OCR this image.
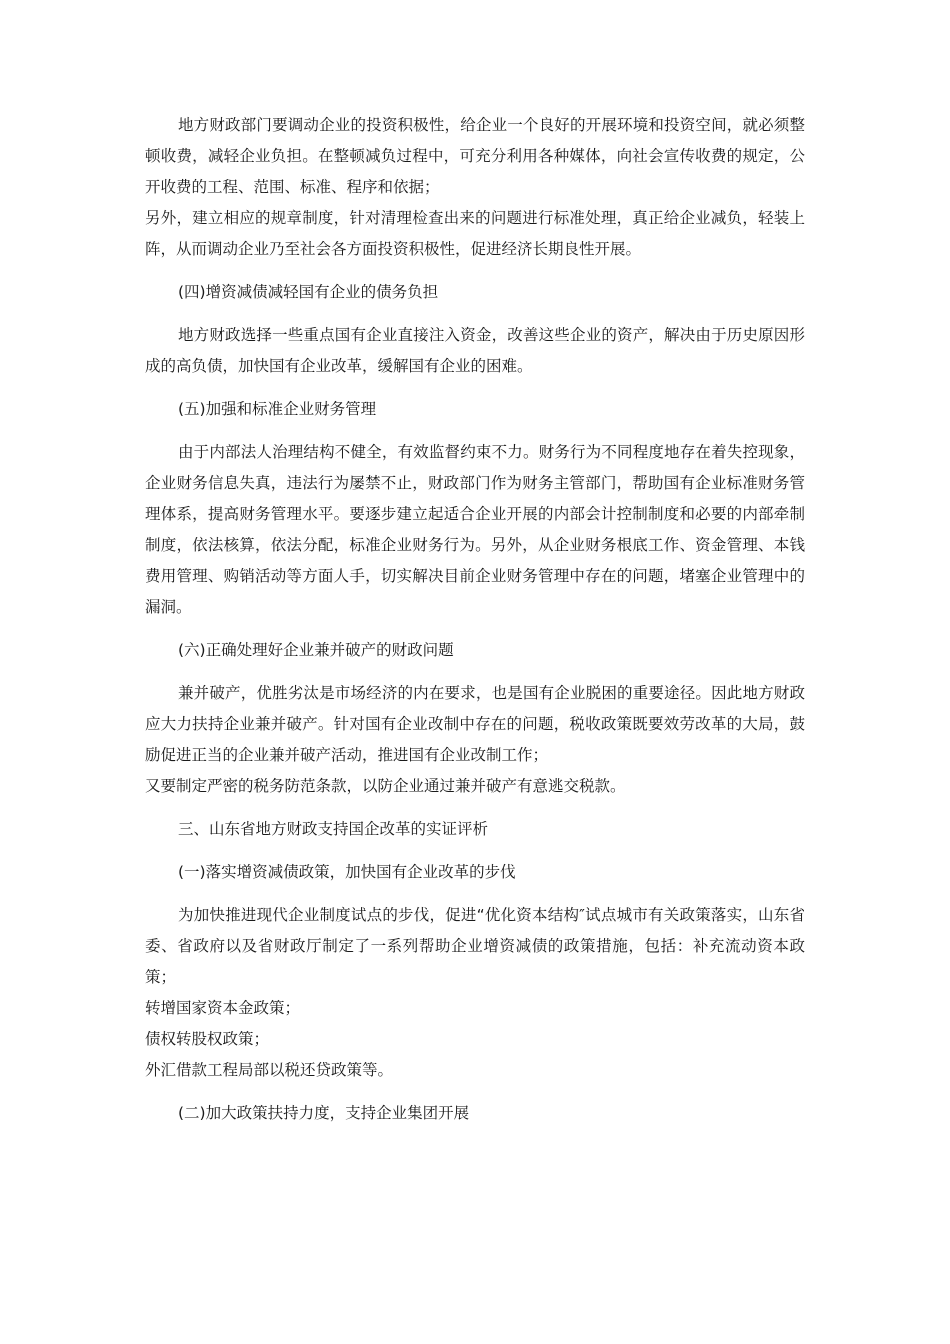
地方财政部门要调动企业的投资积极性，给企业一个良好的开展环境和投资空间，就必须整顿收费，减轻企业负担。在整顿减负过程中，可充分利用各种媒体，向社会宣传收费的规定，公开收费的工程、范围、标准、程序和依据；
另外，建立相应的规章制度，针对清理检查出来的问题进行标准处理，真正给企业减负，轻装上阵，从而调动企业乃至社会各方面投资积极性，促进经济长期良性开展。

(四)增资减债减轻国有企业的债务负担

地方财政选择一些重点国有企业直接注入资金，改善这些企业的资产，解决由于历史原因形成的高负债，加快国有企业改革，缓解国有企业的困难。

(五)加强和标准企业财务管理

由于内部法人治理结构不健全，有效监督约束不力。财务行为不同程度地存在着失控现象，企业财务信息失真，违法行为屡禁不止，财政部门作为财务主管部门，帮助国有企业标准财务管理体系，提高财务管理水平。要逐步建立起适合企业开展的内部会计控制制度和必要的内部牵制制度，依法核算，依法分配，标准企业财务行为。另外，从企业财务根底工作、资金管理、本钱费用管理、购销活动等方面人手，切实解决目前企业财务管理中存在的问题，堵塞企业管理中的漏洞。

(六)正确处理好企业兼并破产的财政问题

兼并破产，优胜劣汰是市场经济的内在要求，也是国有企业脱困的重要途径。因此地方财政应大力扶持企业兼并破产。针对国有企业改制中存在的问题，税收政策既要效劳改革的大局，鼓励促进正当的企业兼并破产活动，推进国有企业改制工作；
又要制定严密的税务防范条款，以防企业通过兼并破产有意逃交税款。

三、山东省地方财政支持国企改革的实证评析

(一)落实增资减债政策，加快国有企业改革的步伐

为加快推进现代企业制度试点的步伐，促进“优化资本结构″试点城市有关政策落实，山东省委、省政府以及省财政厅制定了一系列帮助企业增资减债的政策措施，包括：补充流动资本政策；
转增国家资本金政策；
债权转股权政策；
外汇借款工程局部以税还贷政策等。

(二)加大政策扶持力度，支持企业集团开展
